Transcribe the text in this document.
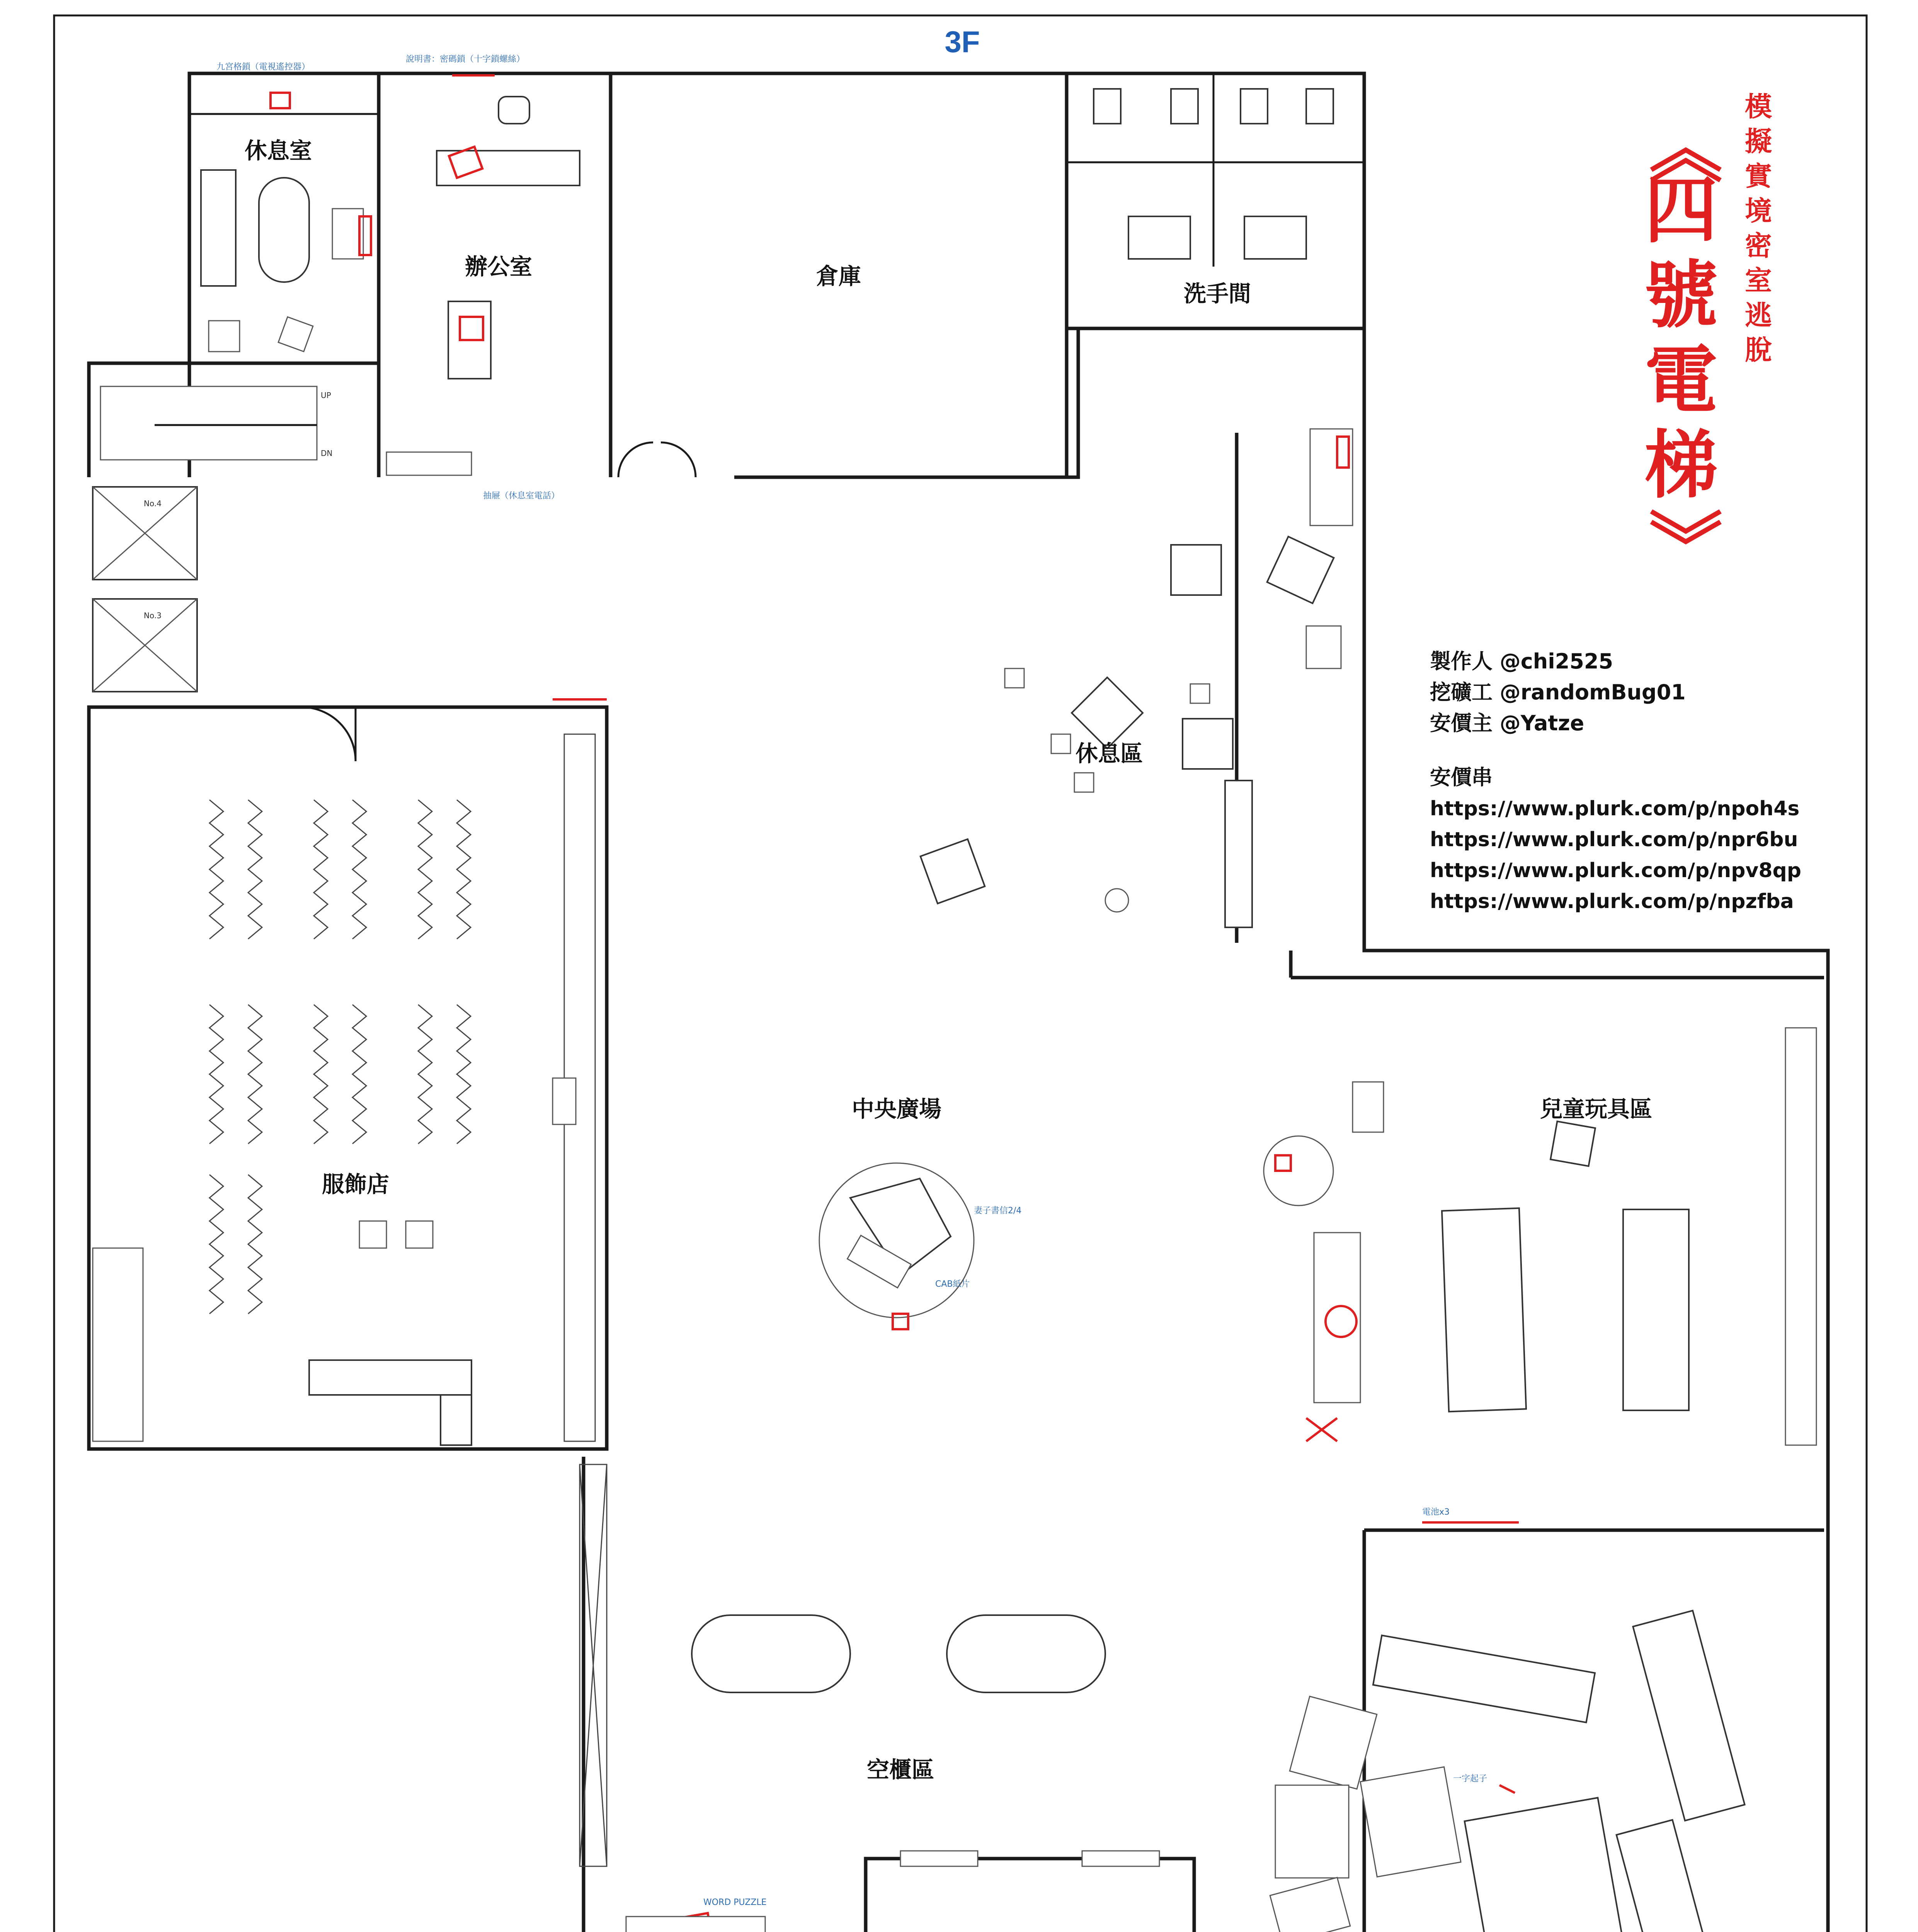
3F
休息室
辦公室
九宮格鎖（電視遙控器）
說明書：密碼鎖（十字鎖螺絲）
抽屜（休息室電話）
倉庫
洗手間
《
四
號
電
梯
》
模
擬
實
境
密
室
逃
脫
製作人 @chi2525
挖礦工 @randomBug01
安價主 @Yatze
安價串
https://www.plurk.com/p/npoh4s
https://www.plurk.com/p/npr6bu
https://www.plurk.com/p/npv8qp
https://www.plurk.com/p/npzfba
UP
DN
No.4
No.3
服飾店
休息區
中央廣場
妻子書信2/4
CAB紙片
空櫃區
WORD PUZZLE
兒童玩具區
電池x3
一字起子
